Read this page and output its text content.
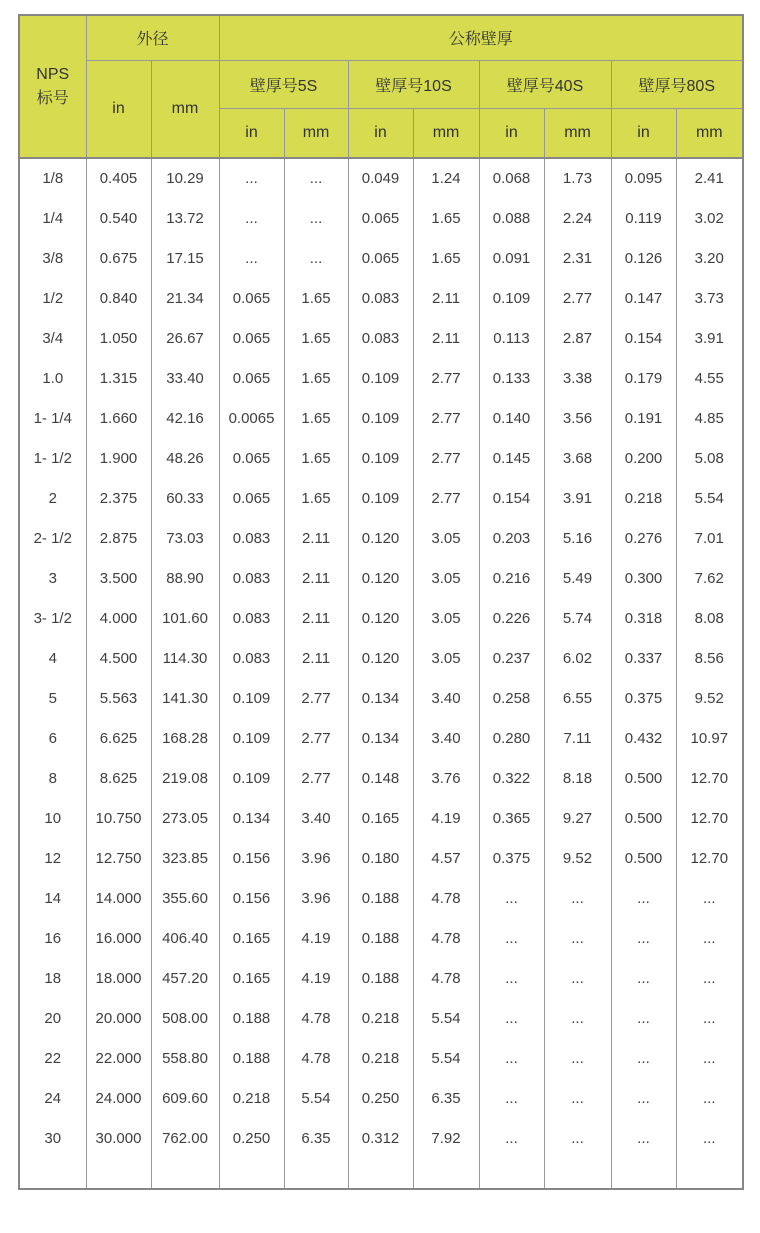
NPS
标号	外径		公称壁厚							
	in	mm	壁厚号5S		壁厚号10S		壁厚号40S		壁厚号80S	
			in	mm	in	mm	in	mm	in	mm
1/8	0.405	10.29	...	...	0.049	1.24	0.068	1.73	0.095	2.41
1/4	0.540	13.72	...	...	0.065	1.65	0.088	2.24	0.119	3.02
3/8	0.675	17.15	...	...	0.065	1.65	0.091	2.31	0.126	3.20
1/2	0.840	21.34	0.065	1.65	0.083	2.11	0.109	2.77	0.147	3.73
3/4	1.050	26.67	0.065	1.65	0.083	2.11	0.113	2.87	0.154	3.91
1.0	1.315	33.40	0.065	1.65	0.109	2.77	0.133	3.38	0.179	4.55
1- 1/4	1.660	42.16	0.0065	1.65	0.109	2.77	0.140	3.56	0.191	4.85
1- 1/2	1.900	48.26	0.065	1.65	0.109	2.77	0.145	3.68	0.200	5.08
2	2.375	60.33	0.065	1.65	0.109	2.77	0.154	3.91	0.218	5.54
2- 1/2	2.875	73.03	0.083	2.11	0.120	3.05	0.203	5.16	0.276	7.01
3	3.500	88.90	0.083	2.11	0.120	3.05	0.216	5.49	0.300	7.62
3- 1/2	4.000	101.60	0.083	2.11	0.120	3.05	0.226	5.74	0.318	8.08
4	4.500	114.30	0.083	2.11	0.120	3.05	0.237	6.02	0.337	8.56
5	5.563	141.30	0.109	2.77	0.134	3.40	0.258	6.55	0.375	9.52
6	6.625	168.28	0.109	2.77	0.134	3.40	0.280	7.11	0.432	10.97
8	8.625	219.08	0.109	2.77	0.148	3.76	0.322	8.18	0.500	12.70
10	10.750	273.05	0.134	3.40	0.165	4.19	0.365	9.27	0.500	12.70
12	12.750	323.85	0.156	3.96	0.180	4.57	0.375	9.52	0.500	12.70
14	14.000	355.60	0.156	3.96	0.188	4.78	...	...	...	...
16	16.000	406.40	0.165	4.19	0.188	4.78	...	...	...	...
18	18.000	457.20	0.165	4.19	0.188	4.78	...	...	...	...
20	20.000	508.00	0.188	4.78	0.218	5.54	...	...	...	...
22	22.000	558.80	0.188	4.78	0.218	5.54	...	...	...	...
24	24.000	609.60	0.218	5.54	0.250	6.35	...	...	...	...
30	30.000	762.00	0.250	6.35	0.312	7.92	...	...	...	...
